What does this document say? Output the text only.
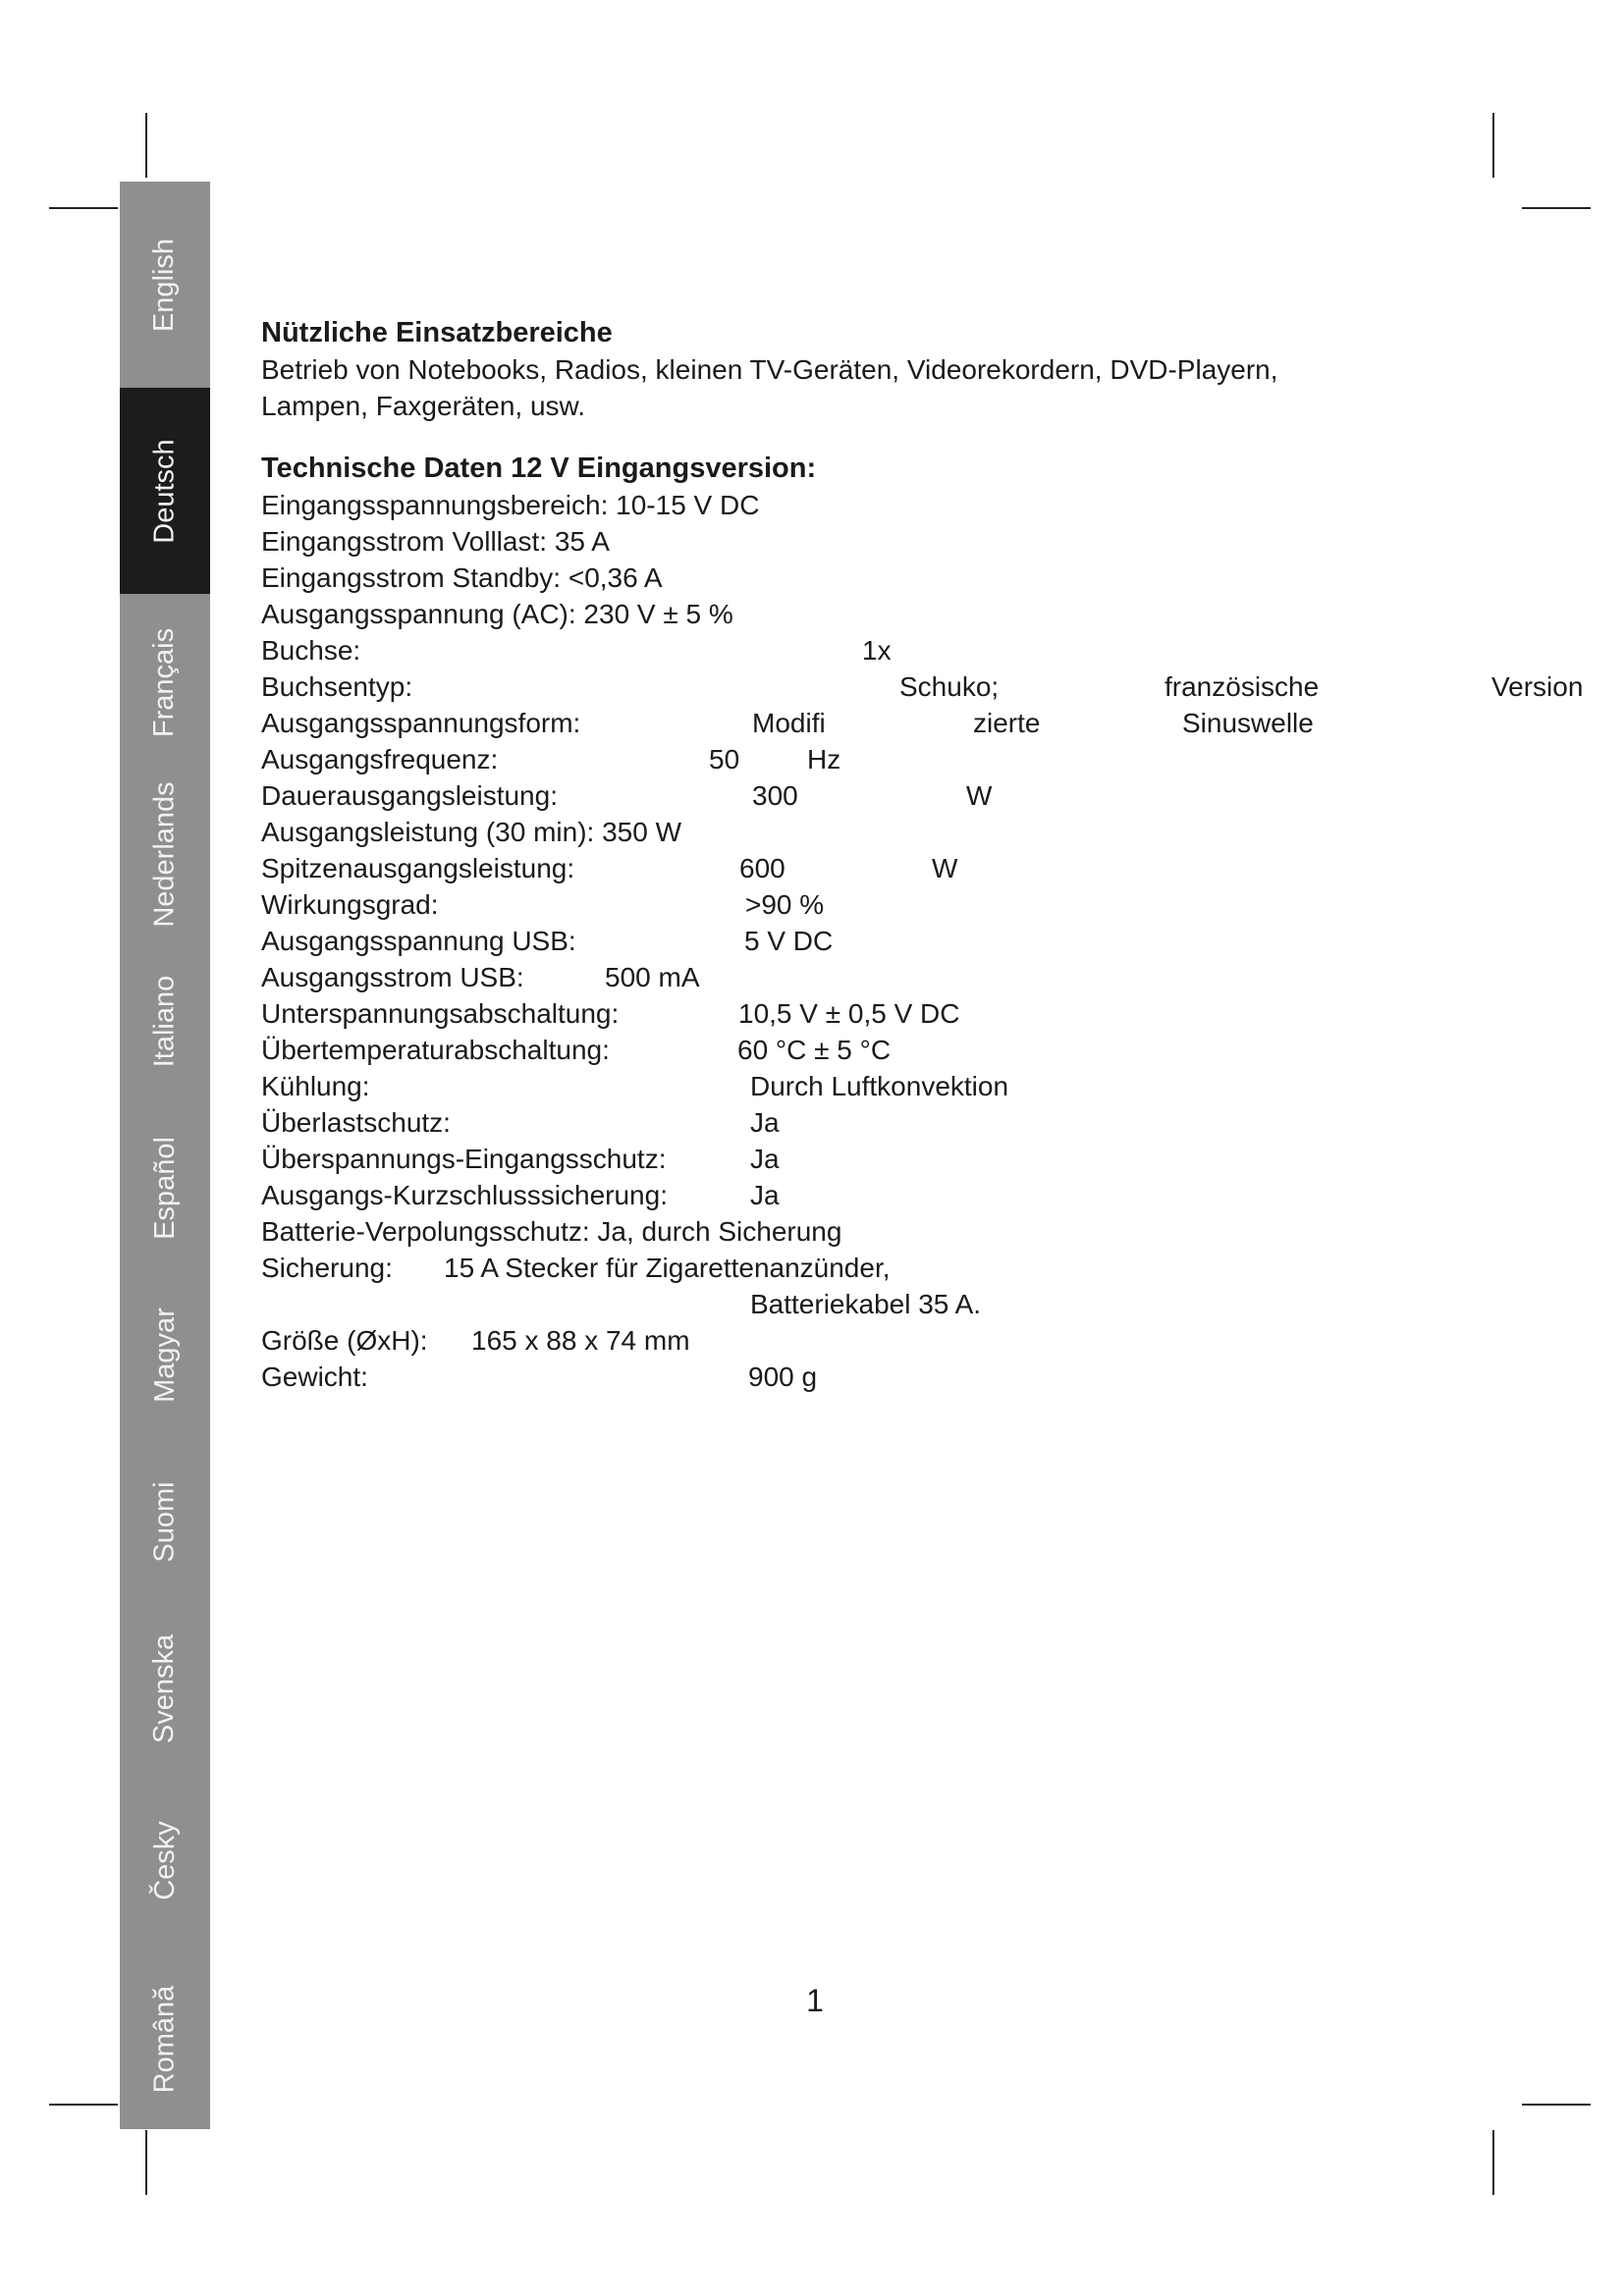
English
Deutsch
Français
Nederlands
Italiano
Español
Magyar
Suomi
Svenska
Česky
Română
Nützliche Einsatzbereiche

Betrieb von Notebooks, Radios, kleinen TV-Geräten, Videorekordern, DVD-Playern,

Lampen, Faxgeräten, usw.

Technische Daten 12 V Eingangsversion:
Eingangsspannungsbereich: 10-15 V DC
Eingangsstrom Volllast: 35 A
Eingangsstrom Standby: <0,36 A
Ausgangsspannung (AC): 230 V ± 5 %
Buchse:	1x
Buchsentyp:	Schuko;	französische	Version
Ausgangsspannungsform:	Modifi	zierte	Sinuswelle
Ausgangsfrequenz:	50 Hz
Dauerausgangsleistung:	300	W
Ausgangsleistung (30 min): 350 W
Spitzenausgangsleistung:	600	W
Wirkungsgrad:	>90 %
Ausgangsspannung USB:	5 V DC
Ausgangsstrom USB:	500 mA
Unterspannungsabschaltung:	10,5 V ± 0,5 V DC
Übertemperaturabschaltung:	60 °C ± 5 °C
Kühlung:	Durch Luftkonvektion
Überlastschutz:	Ja
Überspannungs-Eingangsschutz:	Ja
Ausgangs-Kurzschlusssicherung:	Ja
Batterie-Verpolungsschutz: Ja, durch Sicherung
Sicherung: 15 A Stecker für Zigarettenanzünder,
Batteriekabel 35 A.
Größe (ØxH): 165 x 88 x 74 mm
Gewicht:	900 g
1
